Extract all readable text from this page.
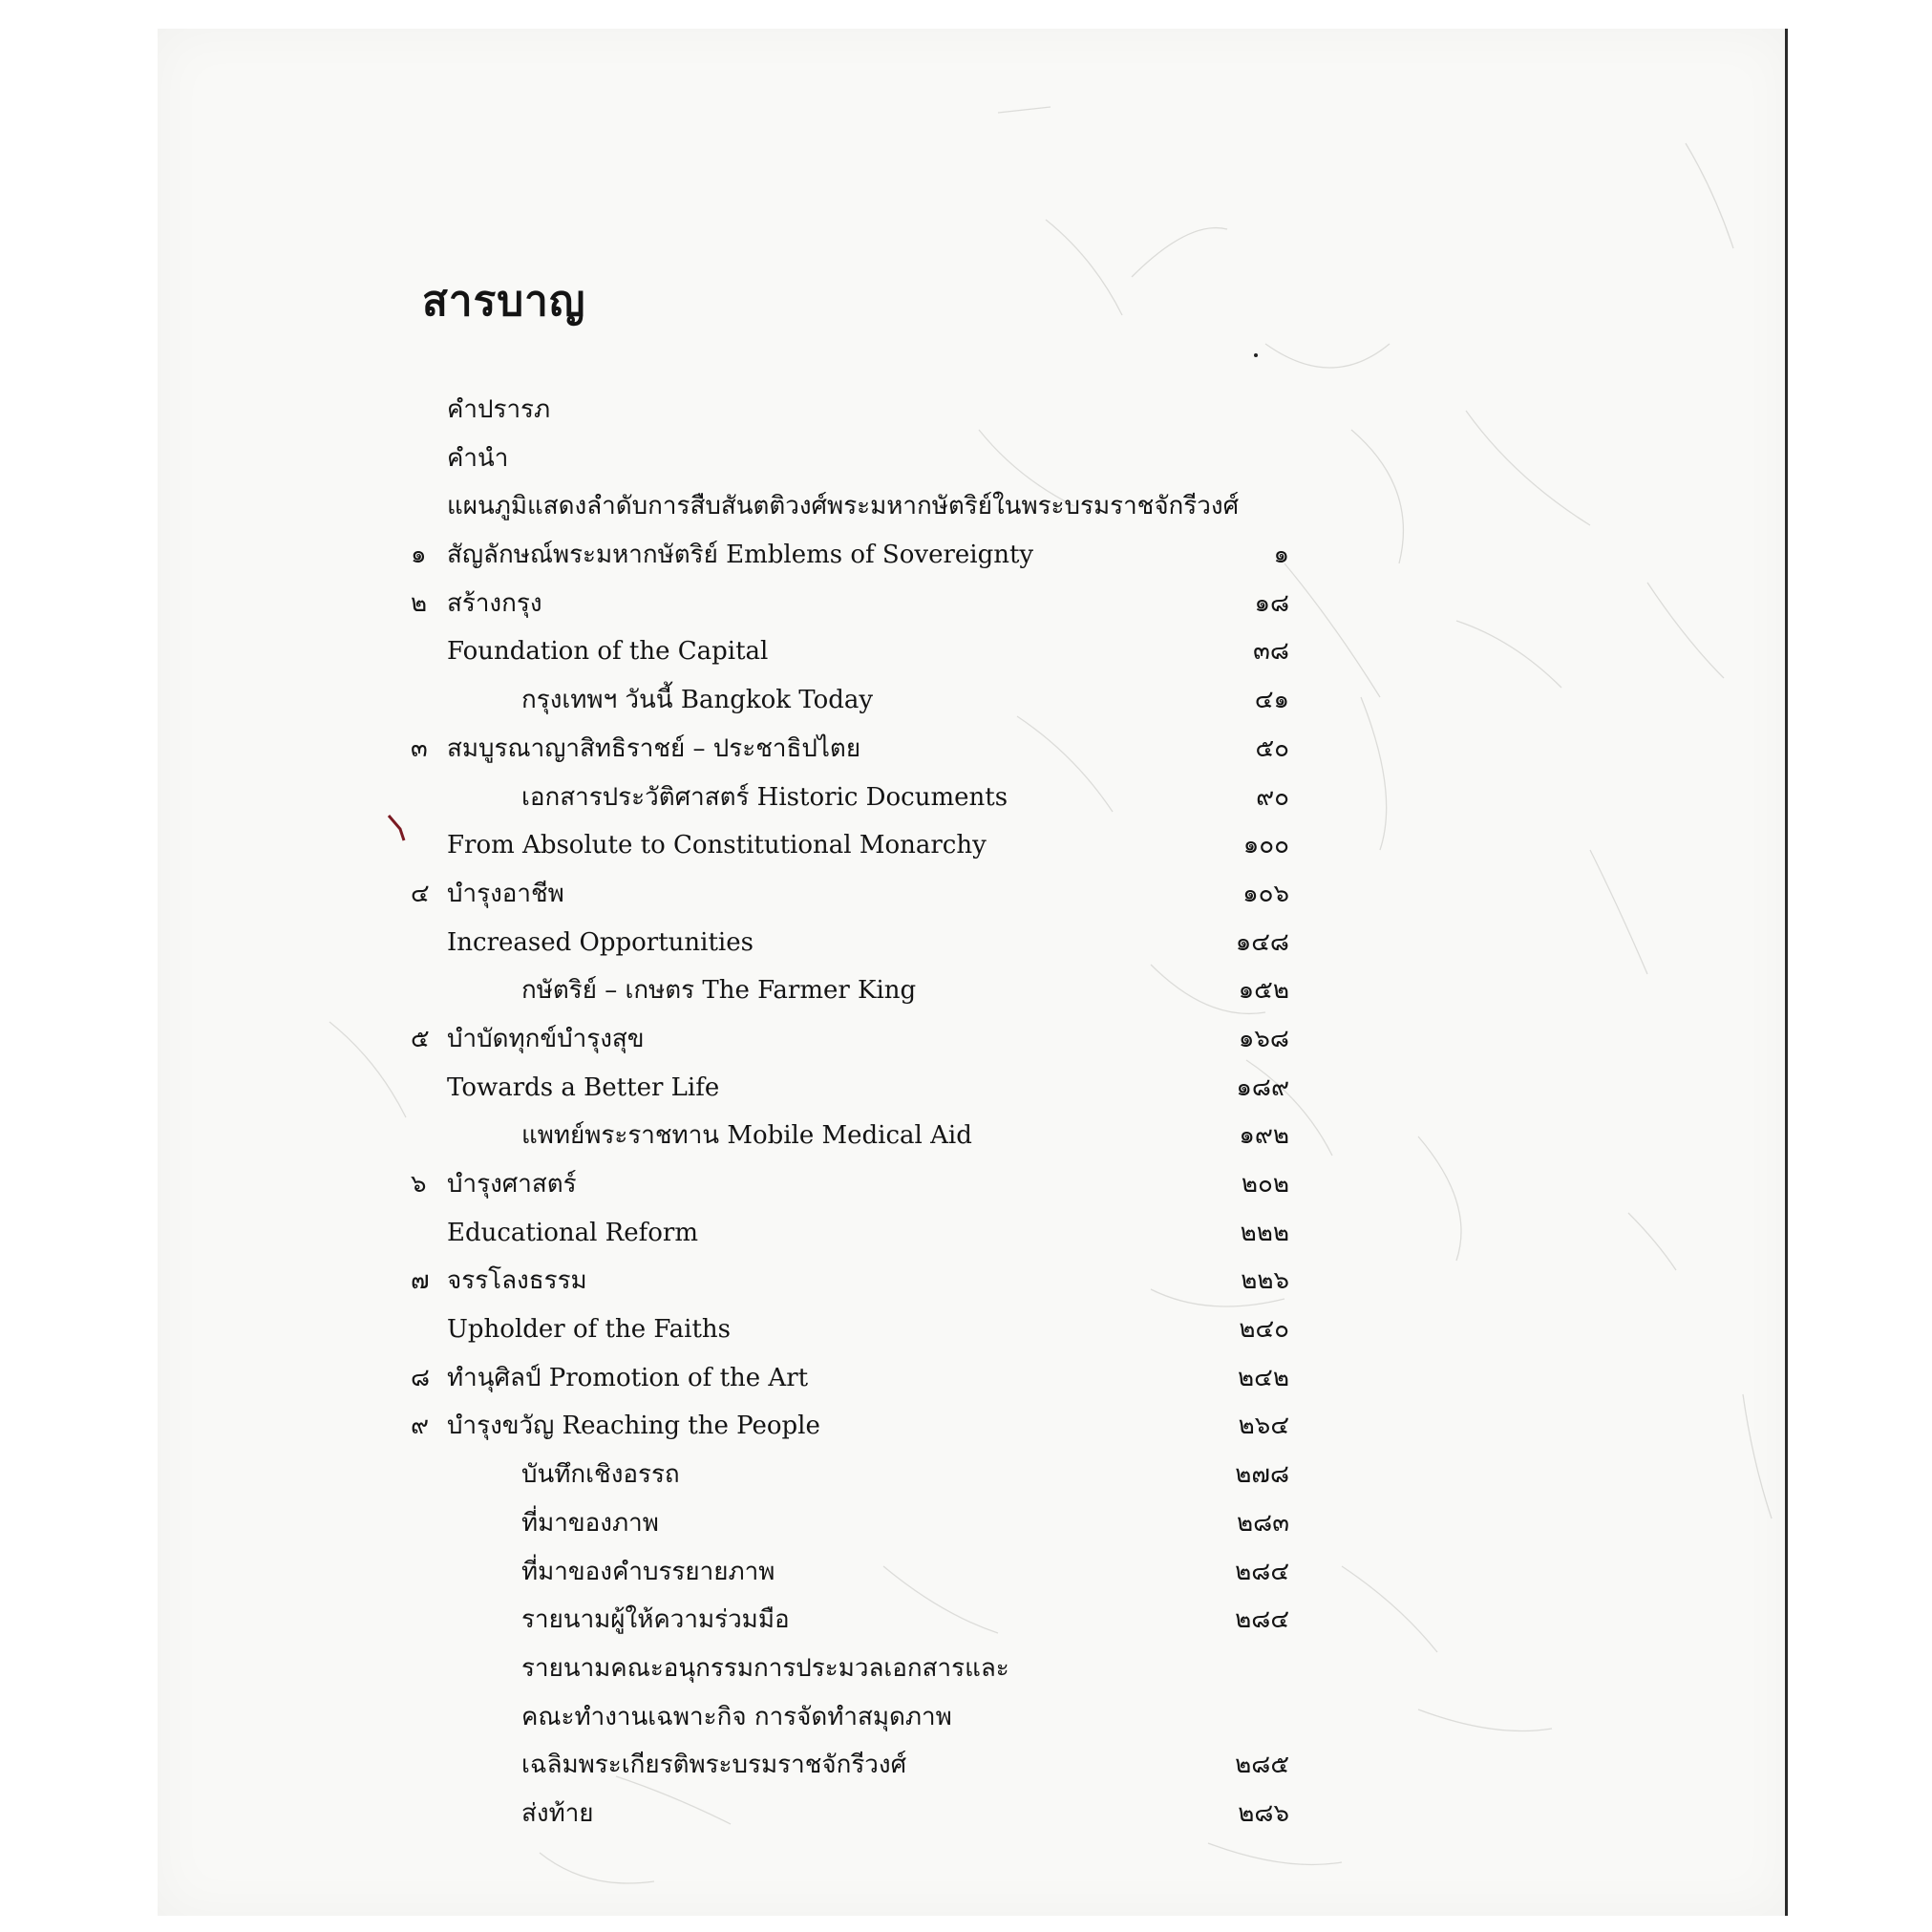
สารบาญ
คำปรารภ
คำนำ
แผนภูมิแสดงลำดับการสืบสันตติวงศ์พระมหากษัตริย์ในพระบรมราชจักรีวงศ์
๑ สัญลักษณ์พระมหากษัตริย์ Emblems of Sovereignty	๑
๒ สร้างกรุง	๑๘
Foundation of the Capital	๓๘
กรุงเทพฯ วันนี้ Bangkok Today	๔๑
๓ สมบูรณาญาสิทธิราชย์ – ประชาธิปไตย	๕๐
เอกสารประวัติศาสตร์ Historic Documents	๙๐
From Absolute to Constitutional Monarchy	๑๐๐
๔ บำรุงอาชีพ	๑๐๖
Increased Opportunities	๑๔๘
กษัตริย์ – เกษตร The Farmer King	๑๕๒
๕ บำบัดทุกข์บำรุงสุข	๑๖๘
Towards a Better Life	๑๘๙
แพทย์พระราชทาน Mobile Medical Aid	๑๙๒
๖ บำรุงศาสตร์	๒๐๒
Educational Reform	๒๒๒
๗ จรรโลงธรรม	๒๒๖
Upholder of the Faiths	๒๔๐
๘ ทำนุศิลป์ Promotion of the Art	๒๔๒
๙ บำรุงขวัญ Reaching the People	๒๖๔
บันทึกเชิงอรรถ	๒๗๘
ที่มาของภาพ	๒๘๓
ที่มาของคำบรรยายภาพ	๒๘๔
รายนามผู้ให้ความร่วมมือ	๒๘๔
รายนามคณะอนุกรรมการประมวลเอกสารและ
คณะทำงานเฉพาะกิจ การจัดทำสมุดภาพ
เฉลิมพระเกียรติพระบรมราชจักรีวงศ์	๒๘๕
ส่งท้าย	๒๘๖
